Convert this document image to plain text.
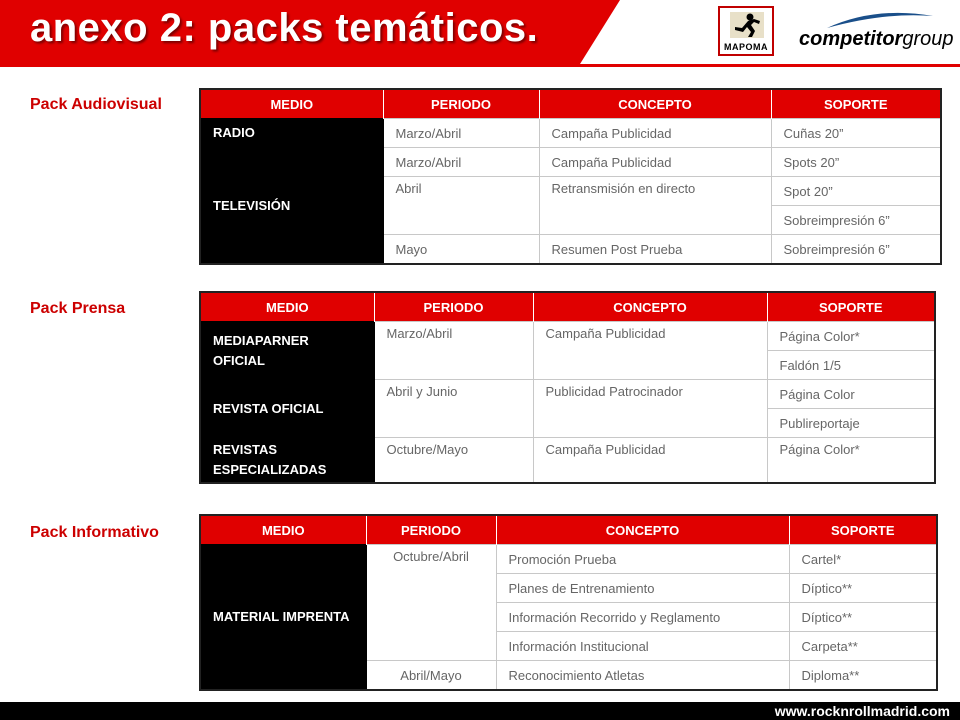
anexo 2: packs temáticos.	MAPOMA competitorgroup
Pack Audiovisual	MEDIO	PERIODO	CONCEPTO	SOPORTE
RADIO	Marzo/Abril	Campaña Publicidad	Cuñas 20”
TELEVISIÓN	Marzo/Abril	Campaña Publicidad	Spots 20”
	Abril	Retransmisión en directo	Spot 20”
			Sobreimpresión 6”
	Mayo	Resumen Post Prueba	Sobreimpresión 6”
Pack Prensa	MEDIO	PERIODO	CONCEPTO	SOPORTE
MEDIAPARNER OFICIAL	Marzo/Abril	Campaña Publicidad	Página Color*
			Faldón 1/5
REVISTA OFICIAL	Abril y Junio	Publicidad Patrocinador	Página Color
			Publireportaje
REVISTAS ESPECIALIZADAS	Octubre/Mayo	Campaña Publicidad	Página Color*
Pack Informativo	MEDIO	PERIODO	CONCEPTO	SOPORTE
MATERIAL IMPRENTA	Octubre/Abril	Promoción Prueba	Cartel*
		Planes de Entrenamiento	Díptico**
		Información Recorrido y Reglamento	Díptico**
		Información Institucional	Carpeta**
	Abril/Mayo	Reconocimiento Atletas	Diploma**
www.rocknrollmadrid.com
